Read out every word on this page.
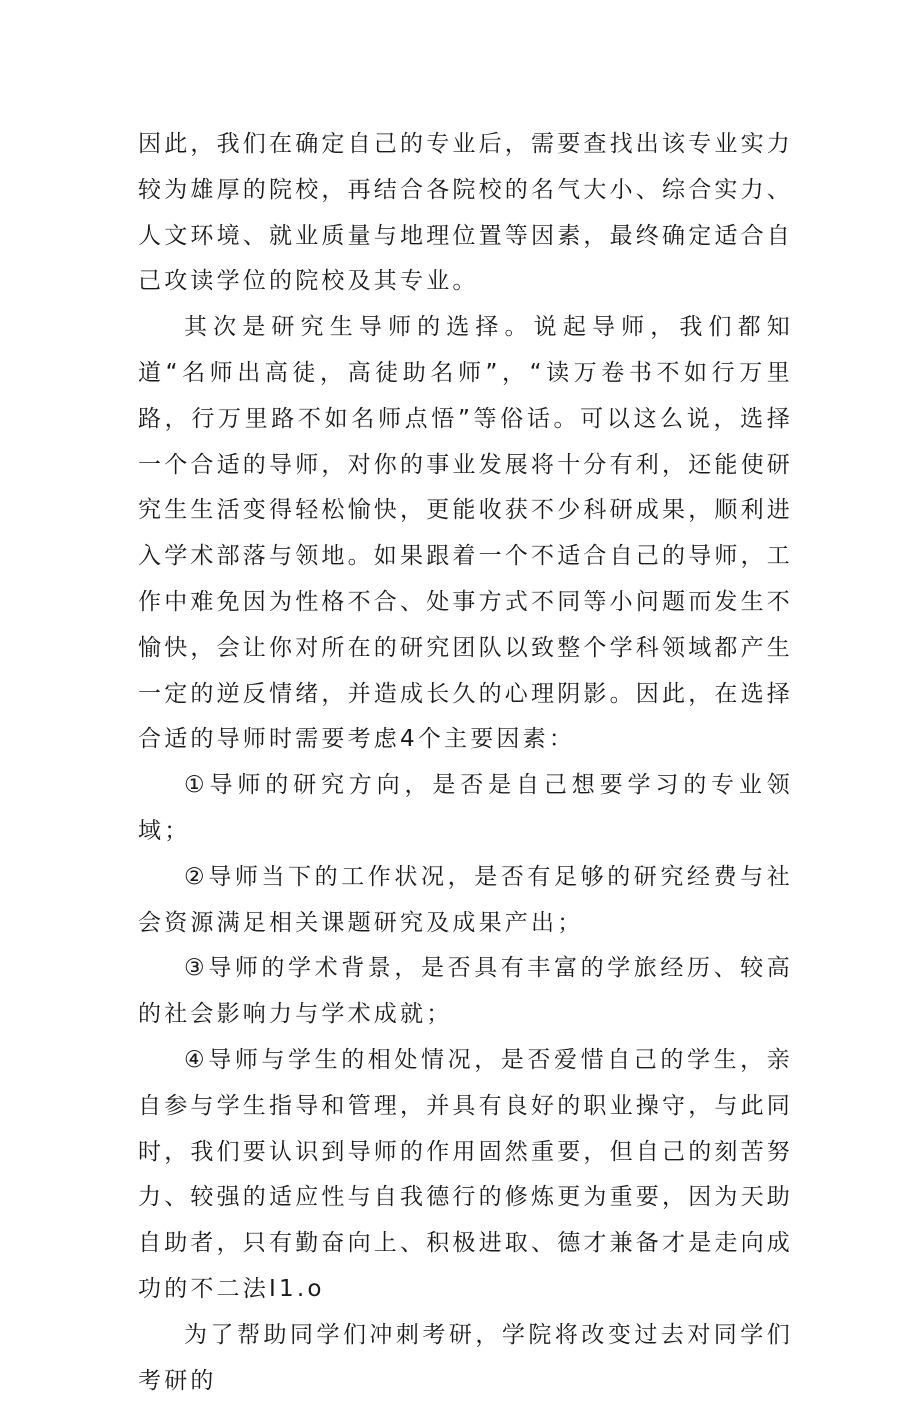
因此，我们在确定自己的专业后，需要查找出该专业实力较为雄厚的院校，再结合各院校的名气大小、综合实力、人文环境、就业质量与地理位置等因素，最终确定适合自己攻读学位的院校及其专业。

其次是研究生导师的选择。说起导师，我们都知道“名师出高徒，高徒助名师”，“读万卷书不如行万里路，行万里路不如名师点悟”等俗话。可以这么说，选择一个合适的导师，对你的事业发展将十分有利，还能使研究生生活变得轻松愉快，更能收获不少科研成果，顺利进入学术部落与领地。如果跟着一个不适合自己的导师，工作中难免因为性格不合、处事方式不同等小问题而发生不愉快，会让你对所在的研究团队以致整个学科领域都产生一定的逆反情绪，并造成长久的心理阴影。因此，在选择合适的导师时需要考虑4个主要因素：

①导师的研究方向，是否是自己想要学习的专业领域；

②导师当下的工作状况，是否有足够的研究经费与社会资源满足相关课题研究及成果产出；

③导师的学术背景，是否具有丰富的学旅经历、较高的社会影响力与学术成就；

④导师与学生的相处情况，是否爱惜自己的学生，亲自参与学生指导和管理，并具有良好的职业操守，与此同时，我们要认识到导师的作用固然重要，但自己的刻苦努力、较强的适应性与自我德行的修炼更为重要，因为天助自助者，只有勤奋向上、积极进取、德才兼备才是走向成功的不二法I1.o

为了帮助同学们冲刺考研，学院将改变过去对同学们考研的
